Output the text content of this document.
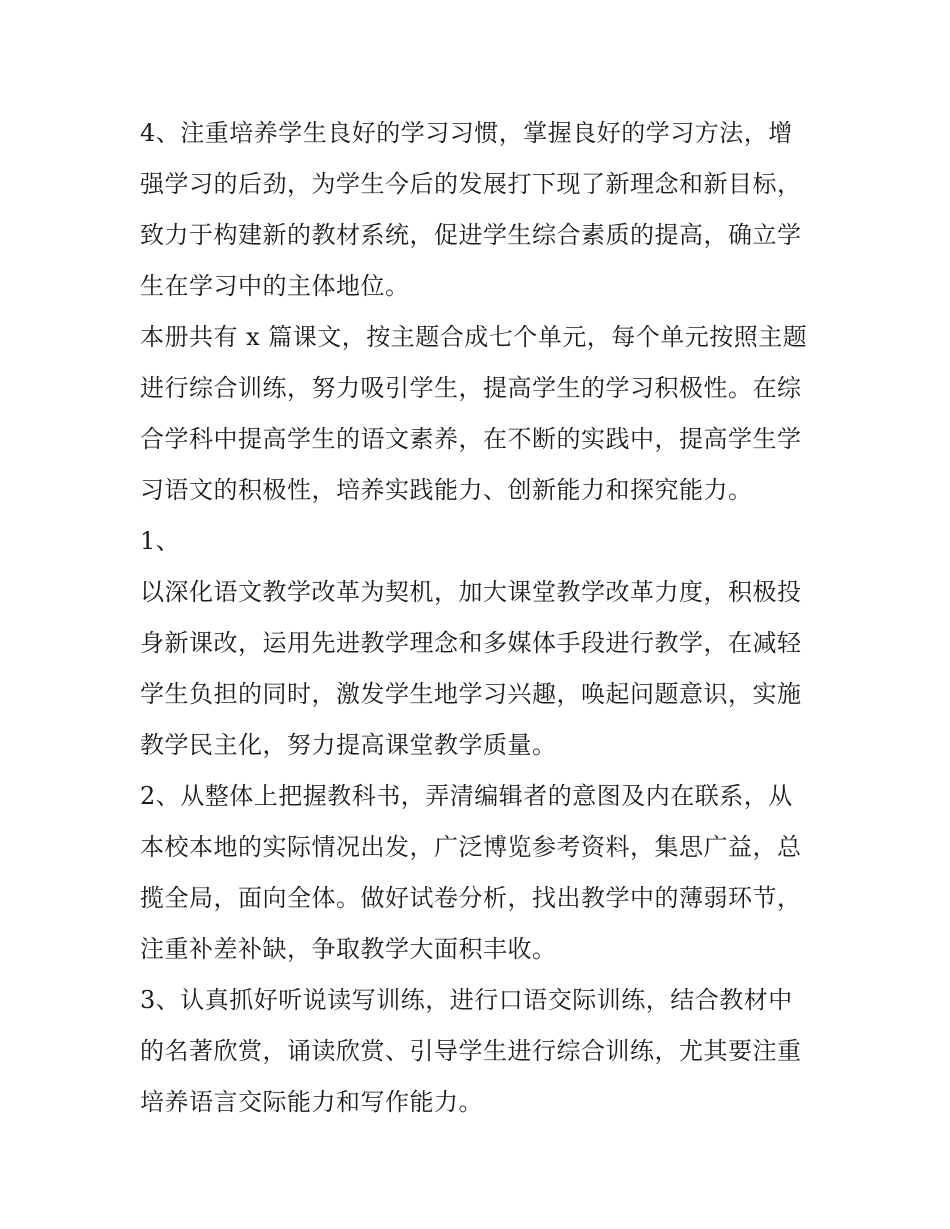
4、注重培养学生良好的学习习惯，掌握良好的学习方法，增
强学习的后劲，为学生今后的发展打下现了新理念和新目标，
致力于构建新的教材系统，促进学生综合素质的提高，确立学
生在学习中的主体地位。

本册共有 x 篇课文，按主题合成七个单元，每个单元按照主题
进行综合训练，努力吸引学生，提高学生的学习积极性。在综
合学科中提高学生的语文素养，在不断的实践中，提高学生学
习语文的积极性，培养实践能力、创新能力和探究能力。

1、

以深化语文教学改革为契机，加大课堂教学改革力度，积极投
身新课改，运用先进教学理念和多媒体手段进行教学，在减轻
学生负担的同时，激发学生地学习兴趣，唤起问题意识，实施
教学民主化，努力提高课堂教学质量。

2、从整体上把握教科书，弄清编辑者的意图及内在联系，从
本校本地的实际情况出发，广泛博览参考资料，集思广益，总
揽全局，面向全体。做好试卷分析，找出教学中的薄弱环节，
注重补差补缺，争取教学大面积丰收。

3、认真抓好听说读写训练，进行口语交际训练，结合教材中
的名著欣赏，诵读欣赏、引导学生进行综合训练，尤其要注重
培养语言交际能力和写作能力。
